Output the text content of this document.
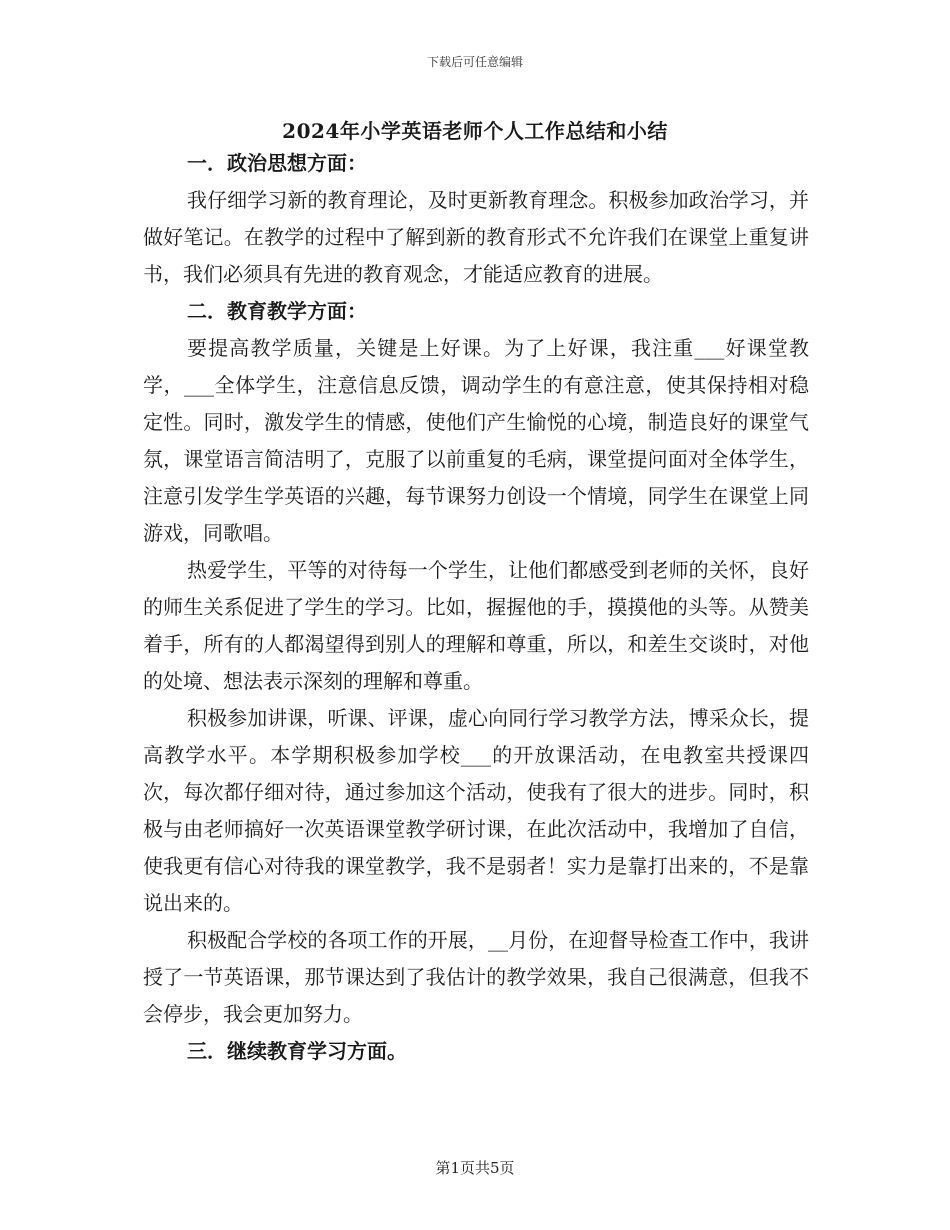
下载后可任意编辑
2024年小学英语老师个人工作总结和小结
一．政治思想方面：

我仔细学习新的教育理论，及时更新教育理念。积极参加政治学习，并做好笔记。在教学的过程中了解到新的教育形式不允许我们在课堂上重复讲书，我们必须具有先进的教育观念，才能适应教育的进展。

二．教育教学方面：

要提高教学质量，关键是上好课。为了上好课，我注重___好课堂教学，___全体学生，注意信息反馈，调动学生的有意注意，使其保持相对稳定性。同时，激发学生的情感，使他们产生愉悦的心境，制造良好的课堂气氛，课堂语言简洁明了，克服了以前重复的毛病，课堂提问面对全体学生，注意引发学生学英语的兴趣，每节课努力创设一个情境，同学生在课堂上同游戏，同歌唱。

热爱学生，平等的对待每一个学生，让他们都感受到老师的关怀，良好的师生关系促进了学生的学习。比如，握握他的手，摸摸他的头等。从赞美着手，所有的人都渴望得到别人的理解和尊重，所以，和差生交谈时，对他的处境、想法表示深刻的理解和尊重。

积极参加讲课，听课、评课，虚心向同行学习教学方法，博采众长，提高教学水平。本学期积极参加学校___的开放课活动，在电教室共授课四次，每次都仔细对待，通过参加这个活动，使我有了很大的进步。同时，积极与由老师搞好一次英语课堂教学研讨课，在此次活动中，我增加了自信，使我更有信心对待我的课堂教学，我不是弱者！实力是靠打出来的，不是靠说出来的。

积极配合学校的各项工作的开展，__月份，在迎督导检查工作中，我讲授了一节英语课，那节课达到了我估计的教学效果，我自己很满意，但我不会停步，我会更加努力。

三．继续教育学习方面。
第1页共5页
